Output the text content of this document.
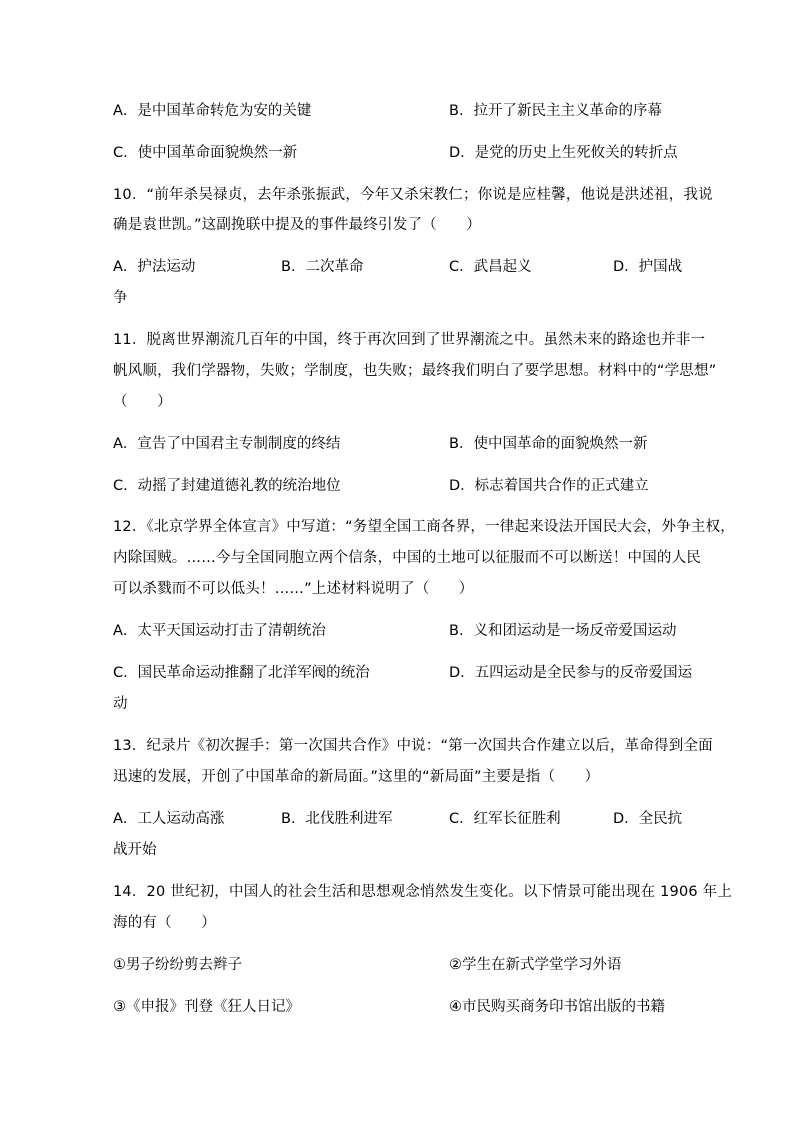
A．是中国革命转危为安的关键	B．拉开了新民主主义革命的序幕
C．使中国革命面貌焕然一新	D．是党的历史上生死攸关的转折点
10．“前年杀吴禄贞，去年杀张振武，今年又杀宋教仁；你说是应桂馨，他说是洪述祖，我说
确是袁世凯。”这副挽联中提及的事件最终引发了（　　）
A．护法运动	B．二次革命	C．武昌起义	D．护国战
争
11．脱离世界潮流几百年的中国，终于再次回到了世界潮流之中。虽然未来的路途也并非一
帆风顺，我们学器物，失败；学制度，也失败；最终我们明白了要学思想。材料中的“学思想”
（　　）
A．宣告了中国君主专制制度的终结	B．使中国革命的面貌焕然一新
C．动摇了封建道德礼教的统治地位	D．标志着国共合作的正式建立
12．《北京学界全体宣言》中写道：“务望全国工商各界，一律起来设法开国民大会，外争主权，
内除国贼。……今与全国同胞立两个信条，中国的土地可以征服而不可以断送！中国的人民
可以杀戮而不可以低头！……”上述材料说明了（　　）
A．太平天国运动打击了清朝统治	B．义和团运动是一场反帝爱国运动
C．国民革命运动推翻了北洋军阀的统治	D．五四运动是全民参与的反帝爱国运
动
13．纪录片《初次握手：第一次国共合作》中说：“第一次国共合作建立以后，革命得到全面
迅速的发展，开创了中国革命的新局面。”这里的“新局面”主要是指（　　）
A．工人运动高涨	B．北伐胜利进军	C．红军长征胜利	D．全民抗
战开始
14．20 世纪初，中国人的社会生活和思想观念悄然发生变化。以下情景可能出现在 1906 年上
海的有（　　）
①男子纷纷剪去辫子	②学生在新式学堂学习外语
③《申报》刊登《狂人日记》	④市民购买商务印书馆出版的书籍
